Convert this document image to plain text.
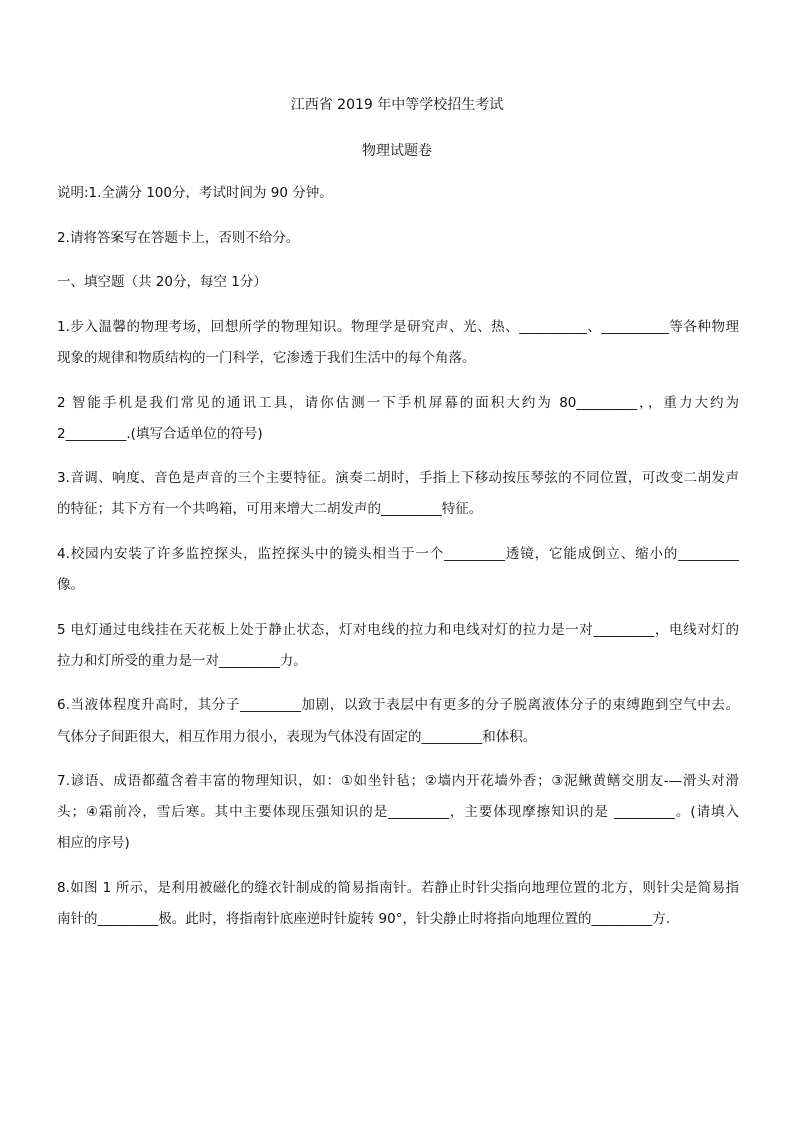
江西省 2019 年中等学校招生考试
物理试题卷
说明:1.全满分 100分，考试时间为 90 分钟。
2.请将答案写在答题卡上，否则不给分。
一、填空题（共 20分，每空 1分）
1.步入温馨的物理考场，回想所学的物理知识。物理学是研究声、光、热、__________、__________等各种物理
现象的规律和物质结构的一门科学，它渗透于我们生活中的每个角落。
2 智能手机是我们常见的通讯工具，请你估测一下手机屏幕的面积大约为 80_________，，重力大约为
2_________.(填写合适单位的符号)
3.音调、响度、音色是声音的三个主要特征。演奏二胡时，手指上下移动按压琴弦的不同位置，可改变二胡发声
的特征；其下方有一个共鸣箱，可用来增大二胡发声的_________特征。
4.校园内安装了许多监控探头，监控探头中的镜头相当于一个_________透镜，它能成倒立、缩小的_________
像。
5 电灯通过电线挂在天花板上处于静止状态，灯对电线的拉力和电线对灯的拉力是一对_________，电线对灯的
拉力和灯所受的重力是一对_________力。
6.当液体程度升高时，其分子_________加剧，以致于表层中有更多的分子脱离液体分子的束缚跑到空气中去。
气体分子间距很大，相互作用力很小，表现为气体没有固定的_________和体积。
7.谚语、成语都蕴含着丰富的物理知识，如：①如坐针毡；②墙内开花墙外香；③泥鳅黄鳝交朋友-—滑头对滑
头；④霜前冷，雪后寒。其中主要体现压强知识的是_________，主要体现摩擦知识的是 _________。(请填入
相应的序号)
8.如图 1 所示，是利用被磁化的缝衣针制成的简易指南针。若静止时针尖指向地理位置的北方，则针尖是简易指
南针的_________极。此时，将指南针底座逆时针旋转 90°，针尖静止时将指向地理位置的_________方.
